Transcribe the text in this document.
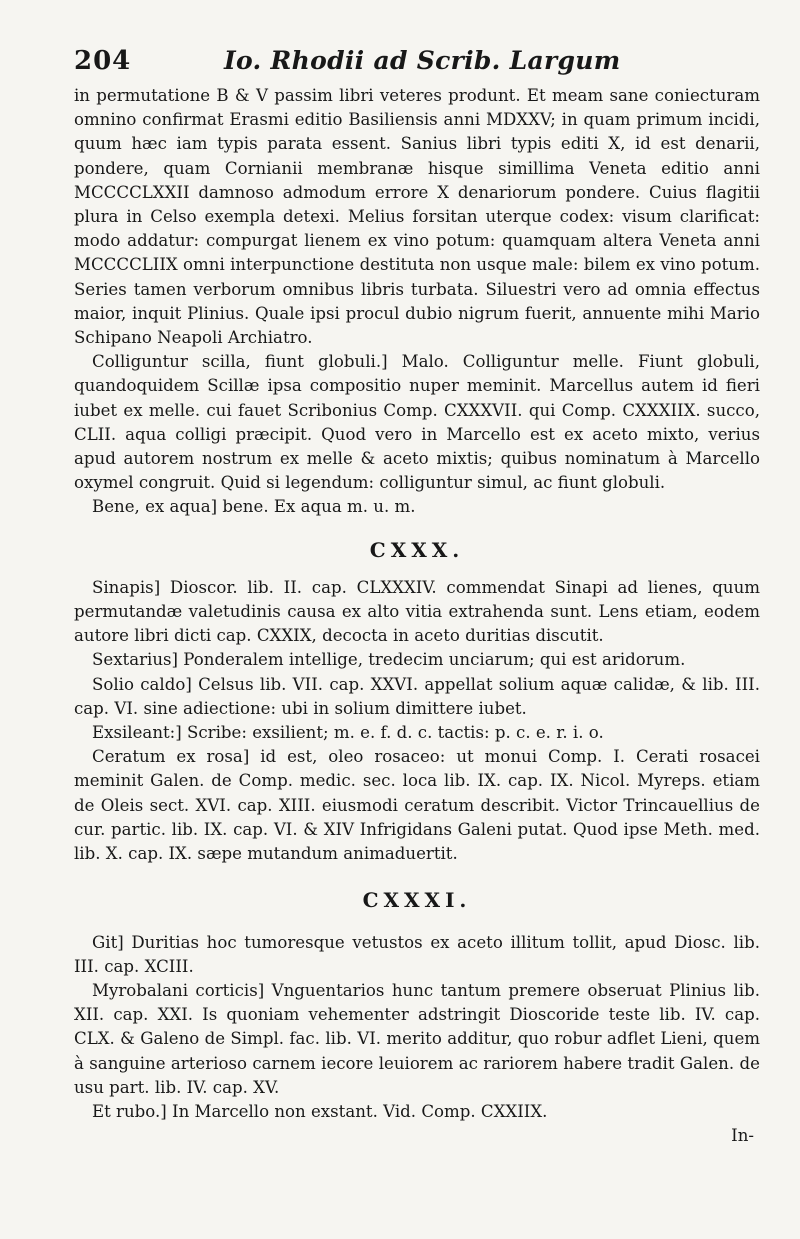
204	Io. Rhodii ad Scrib. Largum

in permutatione B & V passim libri veteres produnt. Et meam sane coniecturam omnino confirmat Erasmi editio Basiliensis anni MDXXV; in quam primum incidi, quum hæc iam typis parata essent. Sanius libri typis editi X, id est denarii, pondere, quam Cornianii membranæ hisque simillima Veneta editio anni MCCCCLXXII damnoso admodum errore X denariorum pondere. Cuius flagitii plura in Celso exempla detexi. Melius forsitan uterque codex: visum clarificat: modo addatur: compurgat lienem ex vino potum: quamquam altera Veneta anni MCCCCLIIX omni interpunctione destituta non usque male: bilem ex vino potum. Series tamen verborum omnibus libris turbata. Siluestri vero ad omnia effectus maior, inquit Plinius. Quale ipsi procul dubio nigrum fuerit, annuente mihi Mario Schipano Neapoli Archiatro.

Colliguntur scilla, fiunt globuli.] Malo. Colliguntur melle. Fiunt globuli, quandoquidem Scillæ ipsa compositio nuper meminit. Marcellus autem id fieri iubet ex melle. cui fauet Scribonius Comp. CXXXVII. qui Comp. CXXXIIX. succo, CLII. aqua colligi præcipit. Quod vero in Marcello est ex aceto mixto, verius apud autorem nostrum ex melle & aceto mixtis; quibus nominatum à Marcello oxymel congruit. Quid si legendum: colliguntur simul, ac fiunt globuli.

Bene, ex aqua] bene. Ex aqua m. u. m.

CXXX.

Sinapis] Dioscor. lib. II. cap. CLXXXIV. commendat Sinapi ad lienes, quum permutandæ valetudinis causa ex alto vitia extrahenda sunt. Lens etiam, eodem autore libri dicti cap. CXXIX, decocta in aceto duritias discutit.

Sextarius] Ponderalem intellige, tredecim unciarum; qui est aridorum.

Solio caldo] Celsus lib. VII. cap. XXVI. appellat solium aquæ calidæ, & lib. III. cap. VI. sine adiectione: ubi in solium dimittere iubet.

Exsileant:] Scribe: exsilient; m. e. f. d. c. tactis: p. c. e. r. i. o.

Ceratum ex rosa] id est, oleo rosaceo: ut monui Comp. I. Cerati rosacei meminit Galen. de Comp. medic. sec. loca lib. IX. cap. IX. Nicol. Myreps. etiam de Oleis sect. XVI. cap. XIII. eiusmodi ceratum describit. Victor Trincauellius de cur. partic. lib. IX. cap. VI. & XIV Infrigidans Galeni putat. Quod ipse Meth. med. lib. X. cap. IX. sæpe mutandum animaduertit.

CXXXI.

Git] Duritias hoc tumoresque vetustos ex aceto illitum tollit, apud Diosc. lib. III. cap. XCIII.

Myrobalani corticis] Vnguentarios hunc tantum premere obseruat Plinius lib. XII. cap. XXI. Is quoniam vehementer adstringit Dioscoride teste lib. IV. cap. CLX. & Galeno de Simpl. fac. lib. VI. merito additur, quo robur adflet Lieni, quem à sanguine arterioso carnem iecore leuiorem ac rariorem habere tradit Galen. de usu part. lib. IV. cap. XV.

Et rubo.] In Marcello non exstant. Vid. Comp. CXXIIX.

In-
